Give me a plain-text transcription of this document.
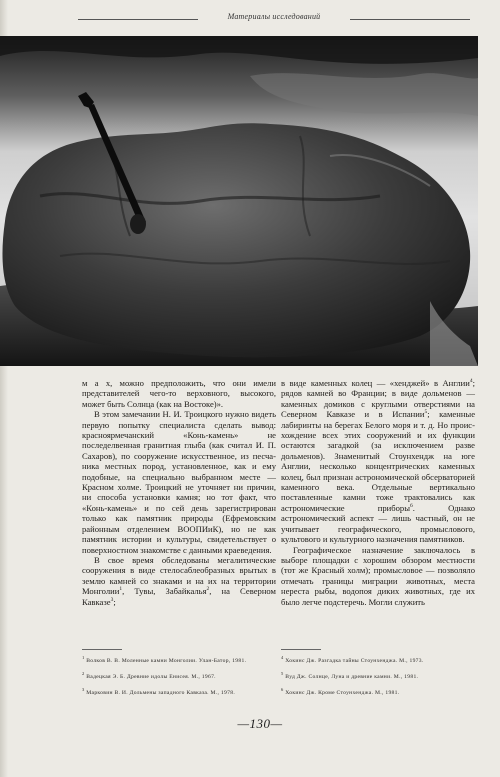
Материалы исследований

м а х, можно предположить, что они имели представителей чего-то верховного, высокого, может быть Солнца (как на Востоке)».

В этом замечании Н. И. Троицкого нужно видеть первую попытку специалиста сделать вывод: красноярмечанский «Конь-камень» не последелвенная гранитная глыба (как считал И. П. Сахаров), по сооружение искусственное, из песчаника местных пород, установленное, как и ему подобные, на специально выбранном месте — Красном холме. Троицкий не уточняет ни причин, ни способа установки камня; но тот факт, что «Конь-камень» и по сей день зарегистрирован только как памятник природы (Ефремовским районным отделением ВООПИиК), но не как памятник истории и культуры, свидетельствует о поверхностном знакомстве с данными краеведения.

В свое время обследованы мегалитические сооружения в виде стелосаблеобразных врытых в землю камней со знаками и на их на территории Монголии$^1$, Тувы, Забайкалья$^2$, на Северном Кавказе$^3$;

в виде каменных колец — «хенджей» в Англии$^4$; рядов камней во Франции; в виде дольменов — каменных домиков с круглыми отверстиями на Северном Кавказе и в Испании$^5$; каменные лабиринты на берегах Белого моря и т. д. Но происхождение всех этих сооружений и их функции остаются загадкой (за исключением разве дольменов). Знаменитый Стоунхендж на юге Англии, несколько концентрических каменных колец, был признан астрономической обсерваторией каменного века. Отдельные вертикально поставленные камни тоже трактовались как астрономические приборы$^6$. Однако астрономический аспект — лишь частный, он не учитывает географического, промыслового, культового и культурного назначения памятников.

Географическое назначение заключалось в выборе площадки с хорошим обзором местности (тот же Красный холм); промысловое — позволяло отмечать границы миграции животных, места нереста рыбы, водопоя диких животных, где их было легче подстеречь. Могли служить

$^1$ Волков В. В. Моленные камни Монголии. Улан-Батор, 1981.
$^2$ Вадецкая Э. Б. Древние идолы Енисея. М., 1967.
$^3$ Марковин В. И. Дольмены западного Кавказа. М., 1978.
$^4$ Хокинс Дж. Разгадка тайны Стоунхенджа. М., 1973.
$^5$ Вуд Дж. Солнце, Луна и древние камни. М., 1981.
$^6$ Хокинс Дж. Кроме Стоунхенджа. М., 1981.
—130—
